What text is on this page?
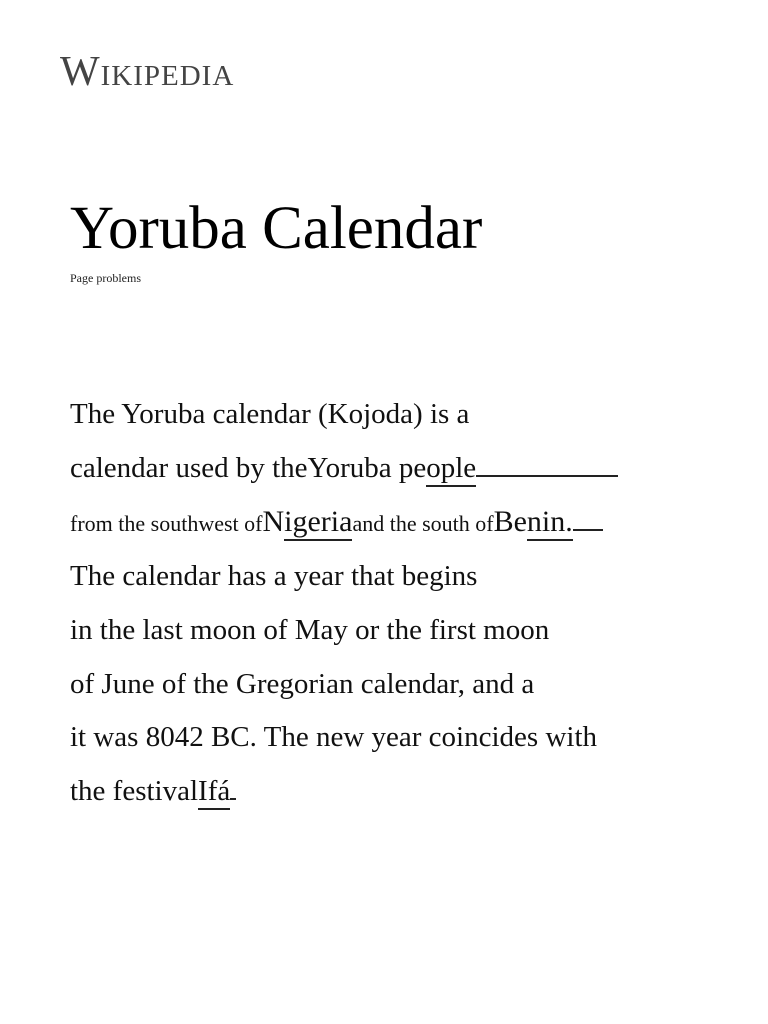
Wikipedia
Yoruba Calendar
Page problems
The Yoruba calendar (Kojoda) is a
calendar used by theYoruba people
from the southwest ofNigeriaand the south ofBenin.
The calendar has a year that begins
in the last moon of May or the first moon
of June of the Gregorian calendar, and a
it was 8042 BC. The new year coincides with
the festivalIfá
